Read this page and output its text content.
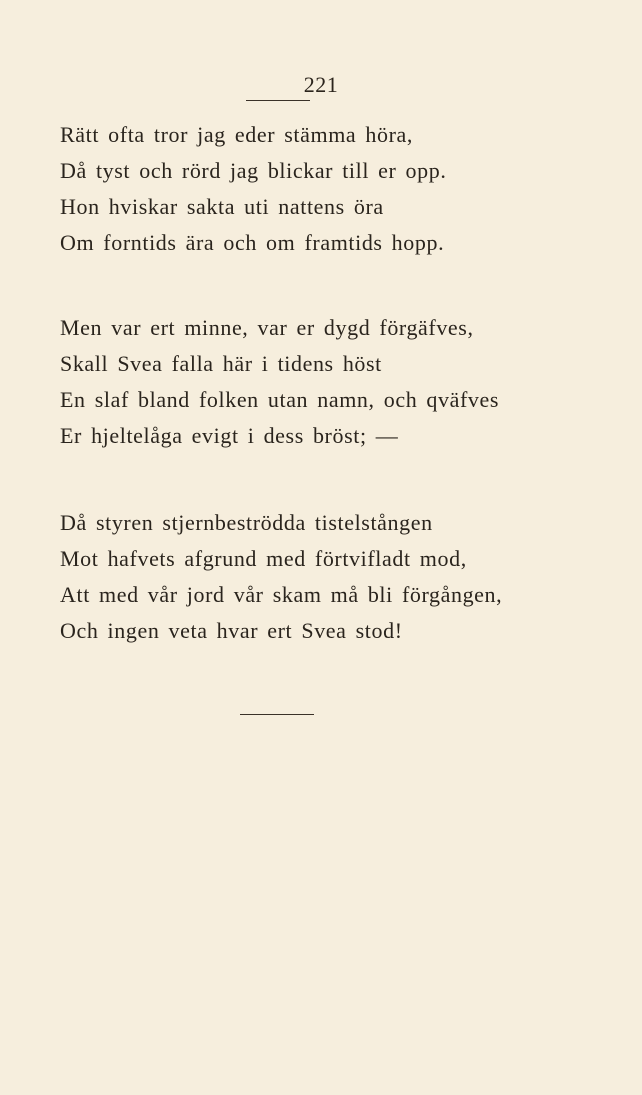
221
Rätt ofta tror jag eder stämma höra,
Då tyst och rörd jag blickar till er opp.
Hon hviskar sakta uti nattens öra
Om forntids ära och om framtids hopp.
Men var ert minne, var er dygd förgäfves,
Skall Svea falla här i tidens höst
En slaf bland folken utan namn, och qväfves
Er hjeltelåga evigt i dess bröst; —
Då styren stjernbeströdda tistelstången
Mot hafvets afgrund med förtvifladt mod,
Att med vår jord vår skam må bli förgången,
Och ingen veta hvar ert Svea stod!
